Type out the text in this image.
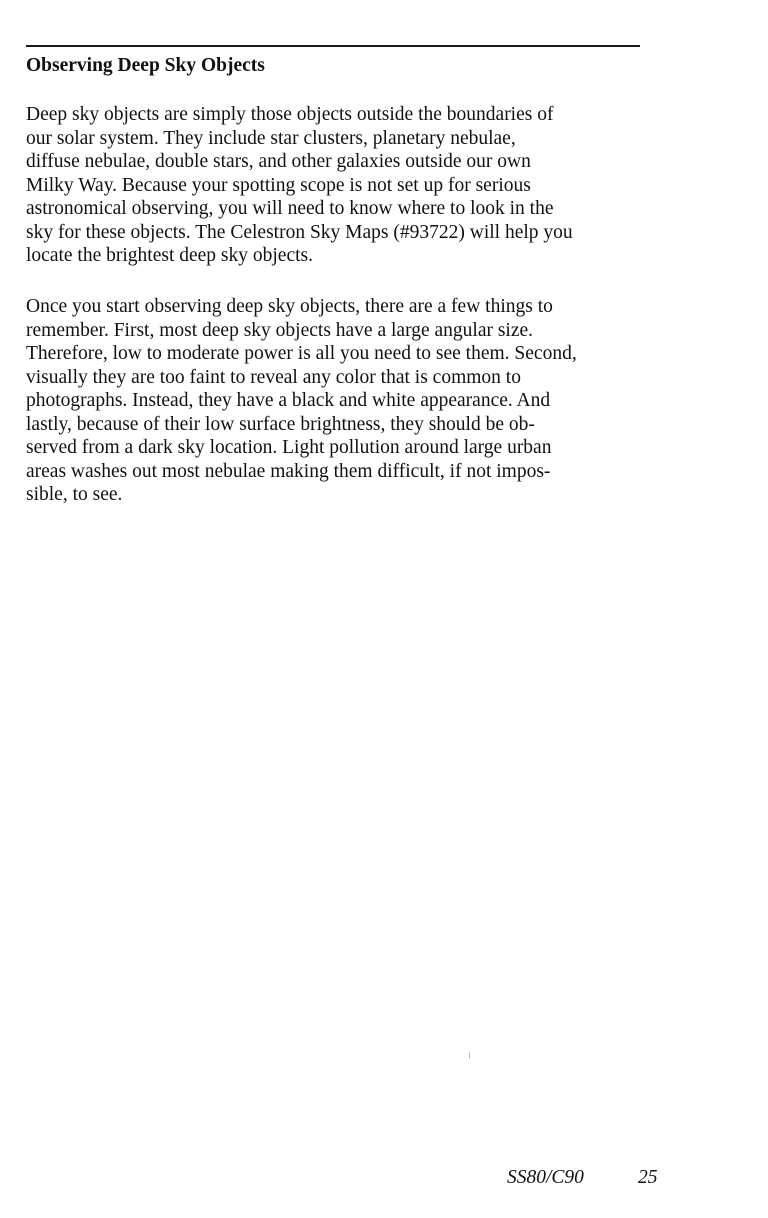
Observing Deep Sky Objects

Deep sky objects are simply those objects outside the boundaries of
our solar system. They include star clusters, planetary nebulae,
diffuse nebulae, double stars, and other galaxies outside our own
Milky Way. Because your spotting scope is not set up for serious
astronomical observing, you will need to know where to look in the
sky for these objects. The Celestron Sky Maps (#93722) will help you
locate the brightest deep sky objects.

Once you start observing deep sky objects, there are a few things to
remember. First, most deep sky objects have a large angular size.
Therefore, low to moderate power is all you need to see them. Second,
visually they are too faint to reveal any color that is common to
photographs. Instead, they have a black and white appearance. And
lastly, because of their low surface brightness, they should be ob-
served from a dark sky location. Light pollution around large urban
areas washes out most nebulae making them difficult, if not impos-
sible, to see.

SS80/C90	25
